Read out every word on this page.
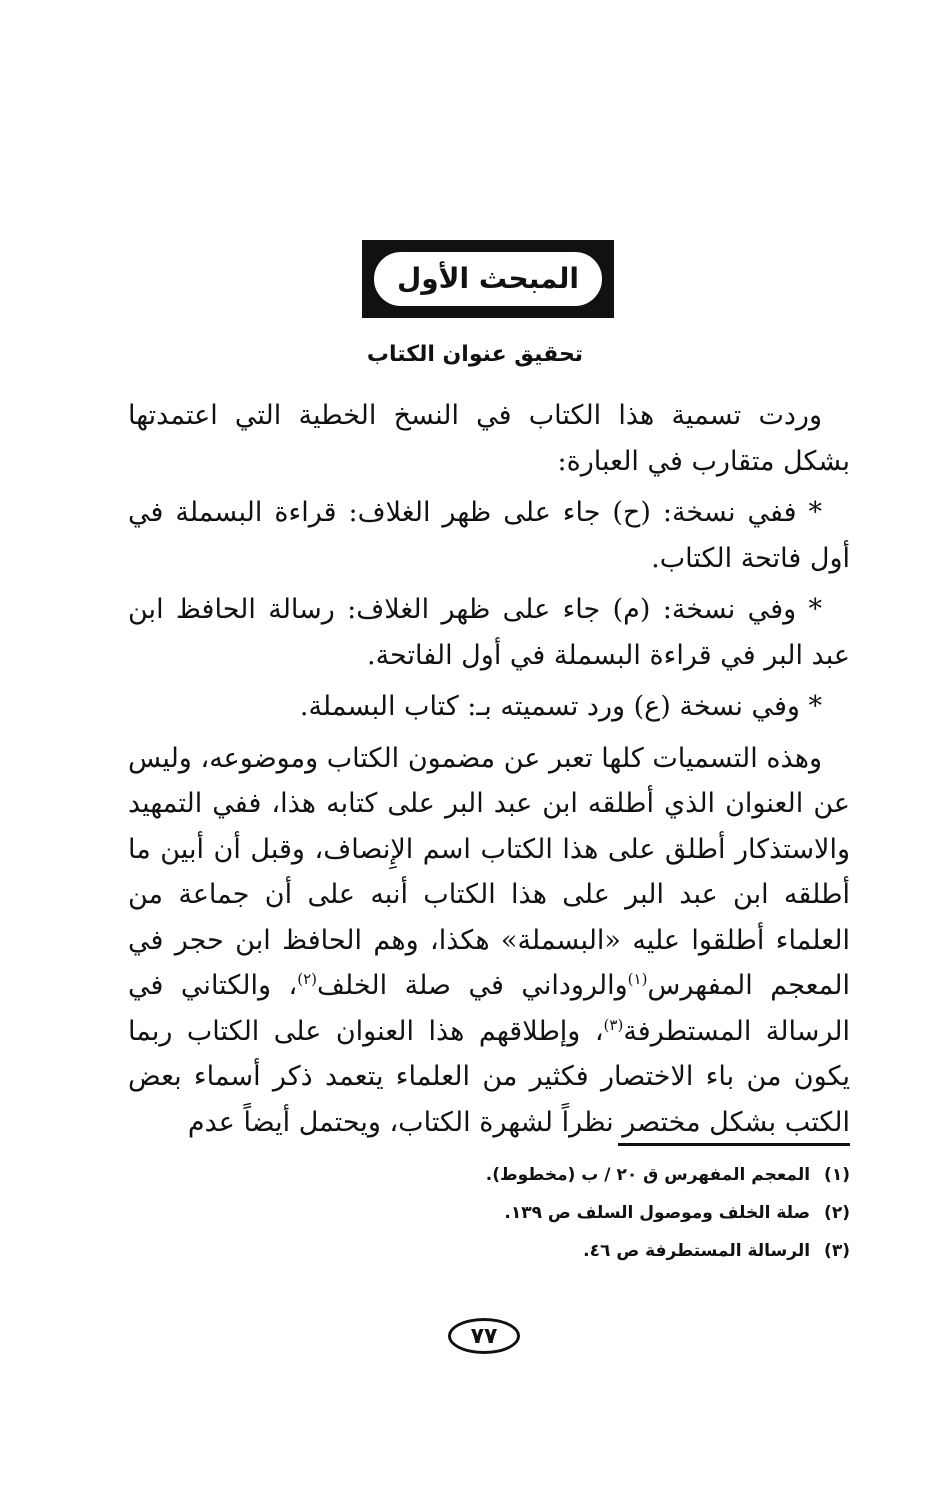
المبحث الأول
تحقيق عنوان الكتاب

وردت تسمية هذا الكتاب في النسخ الخطية التي اعتمدتها بشكل متقارب في العبارة:

* ففي نسخة: (ح) جاء على ظهر الغلاف: قراءة البسملة في أول فاتحة الكتاب.

* وفي نسخة: (م) جاء على ظهر الغلاف: رسالة الحافظ ابن عبد البر في قراءة البسملة في أول الفاتحة.

* وفي نسخة (ع) ورد تسميته بـ: كتاب البسملة.

وهذه التسميات كلها تعبر عن مضمون الكتاب وموضوعه، وليس عن العنوان الذي أطلقه ابن عبد البر على كتابه هذا، ففي التمهيد والاستذكار أطلق على هذا الكتاب اسم الإِنصاف، وقبل أن أبين ما أطلقه ابن عبد البر على هذا الكتاب أنبه على أن جماعة من العلماء أطلقوا عليه «البسملة» هكذا، وهم الحافظ ابن حجر في المعجم المفهرس$^{(١)}$والروداني في صلة الخلف$^{(٢)}$، والكتاني في الرسالة المستطرفة$^{(٣)}$، وإطلاقهم هذا العنوان على الكتاب ربما يكون من باء الاختصار فكثير من العلماء يتعمد ذكر أسماء بعض الكتب بشكل مختصر نظراً لشهرة الكتاب، ويحتمل أيضاً عدم

(١)
المعجم المفهرس ق ٢٠ / ب (مخطوط).
(٢)
صلة الخلف وموصول السلف ص ١٣٩.
(٣)
الرسالة المستطرفة ص ٤٦.
٧٧
